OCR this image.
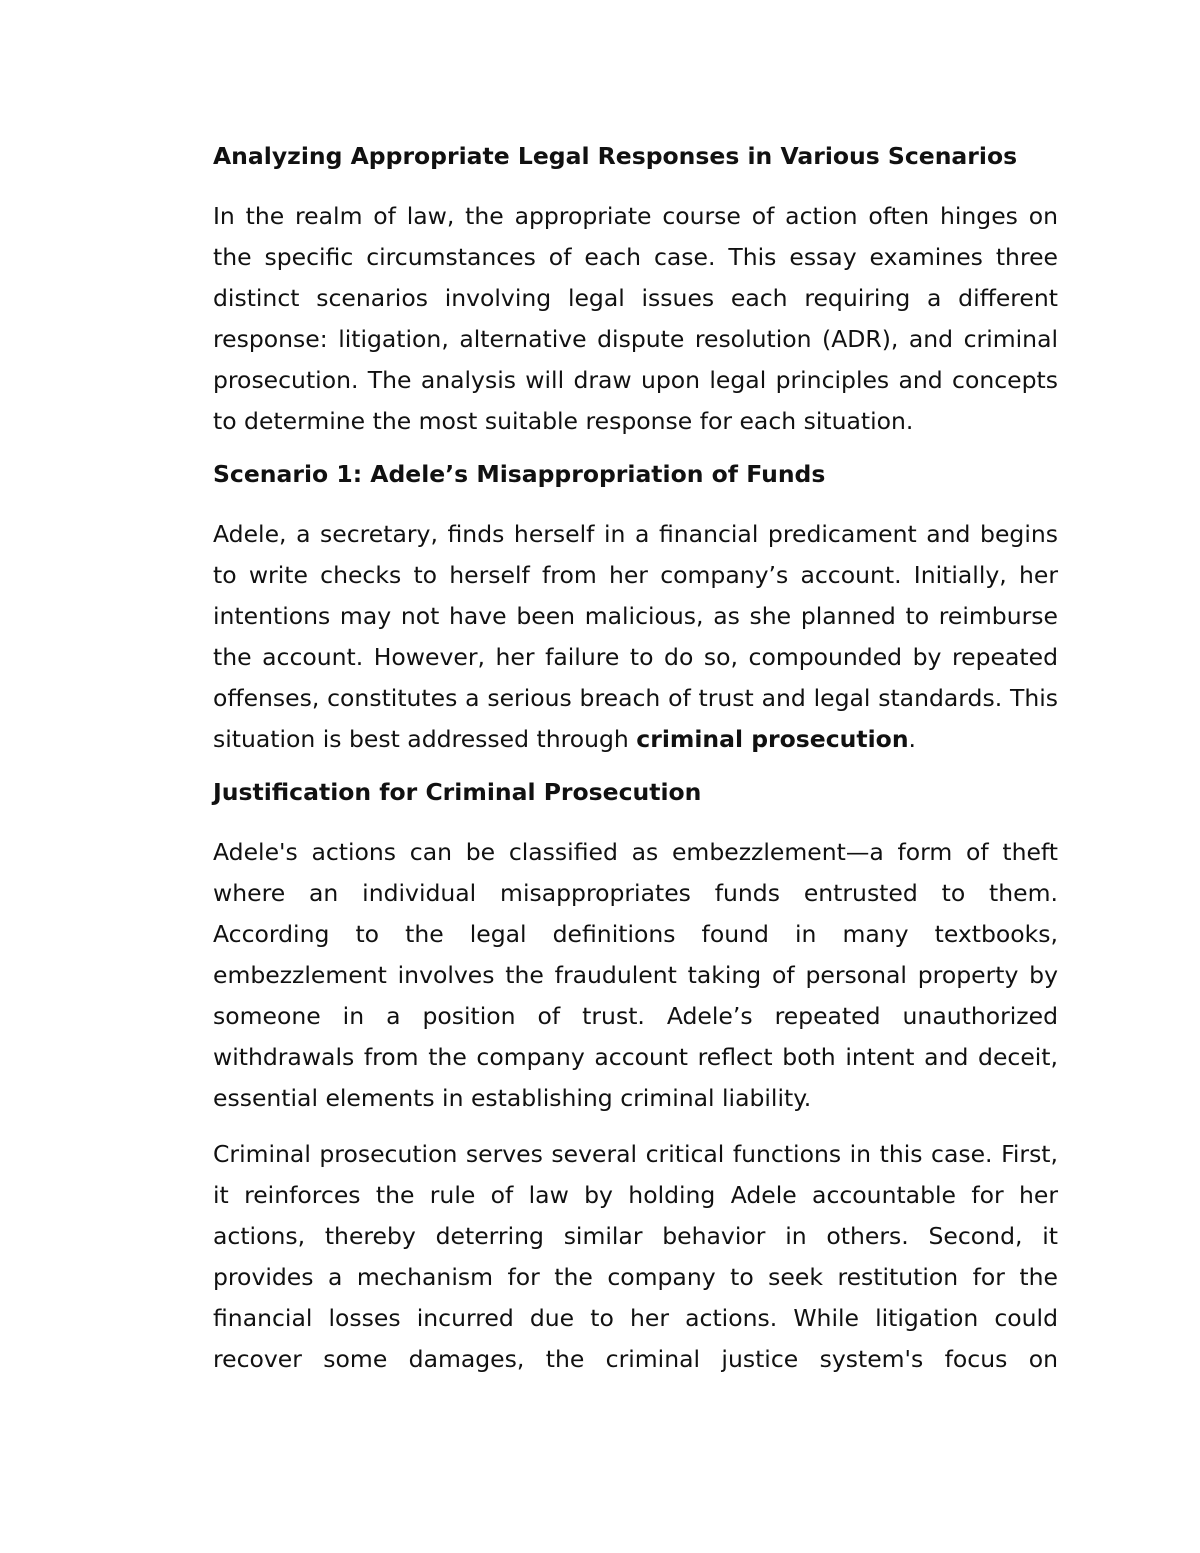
Analyzing Appropriate Legal Responses in Various Scenarios

In the realm of law, the appropriate course of action often hinges on the specific circumstances of each case. This essay examines three distinct scenarios involving legal issues each requiring a different response: litigation, alternative dispute resolution (ADR), and criminal prosecution. The analysis will draw upon legal principles and concepts to determine the most suitable response for each situation.

Scenario 1: Adele’s Misappropriation of Funds

Adele, a secretary, finds herself in a financial predicament and begins to write checks to herself from her company’s account. Initially, her intentions may not have been malicious, as she planned to reimburse the account. However, her failure to do so, compounded by repeated offenses, constitutes a serious breach of trust and legal standards. This situation is best addressed through criminal prosecution.

Justification for Criminal Prosecution

Adele's actions can be classified as embezzlement—a form of theft where an individual misappropriates funds entrusted to them. According to the legal definitions found in many textbooks, embezzlement involves the fraudulent taking of personal property by someone in a position of trust. Adele’s repeated unauthorized withdrawals from the company account reflect both intent and deceit, essential elements in establishing criminal liability.

Criminal prosecution serves several critical functions in this case. First, it reinforces the rule of law by holding Adele accountable for her actions, thereby deterring similar behavior in others. Second, it provides a mechanism for the company to seek restitution for the financial losses incurred due to her actions. While litigation could recover some damages, the criminal justice system's focus on
